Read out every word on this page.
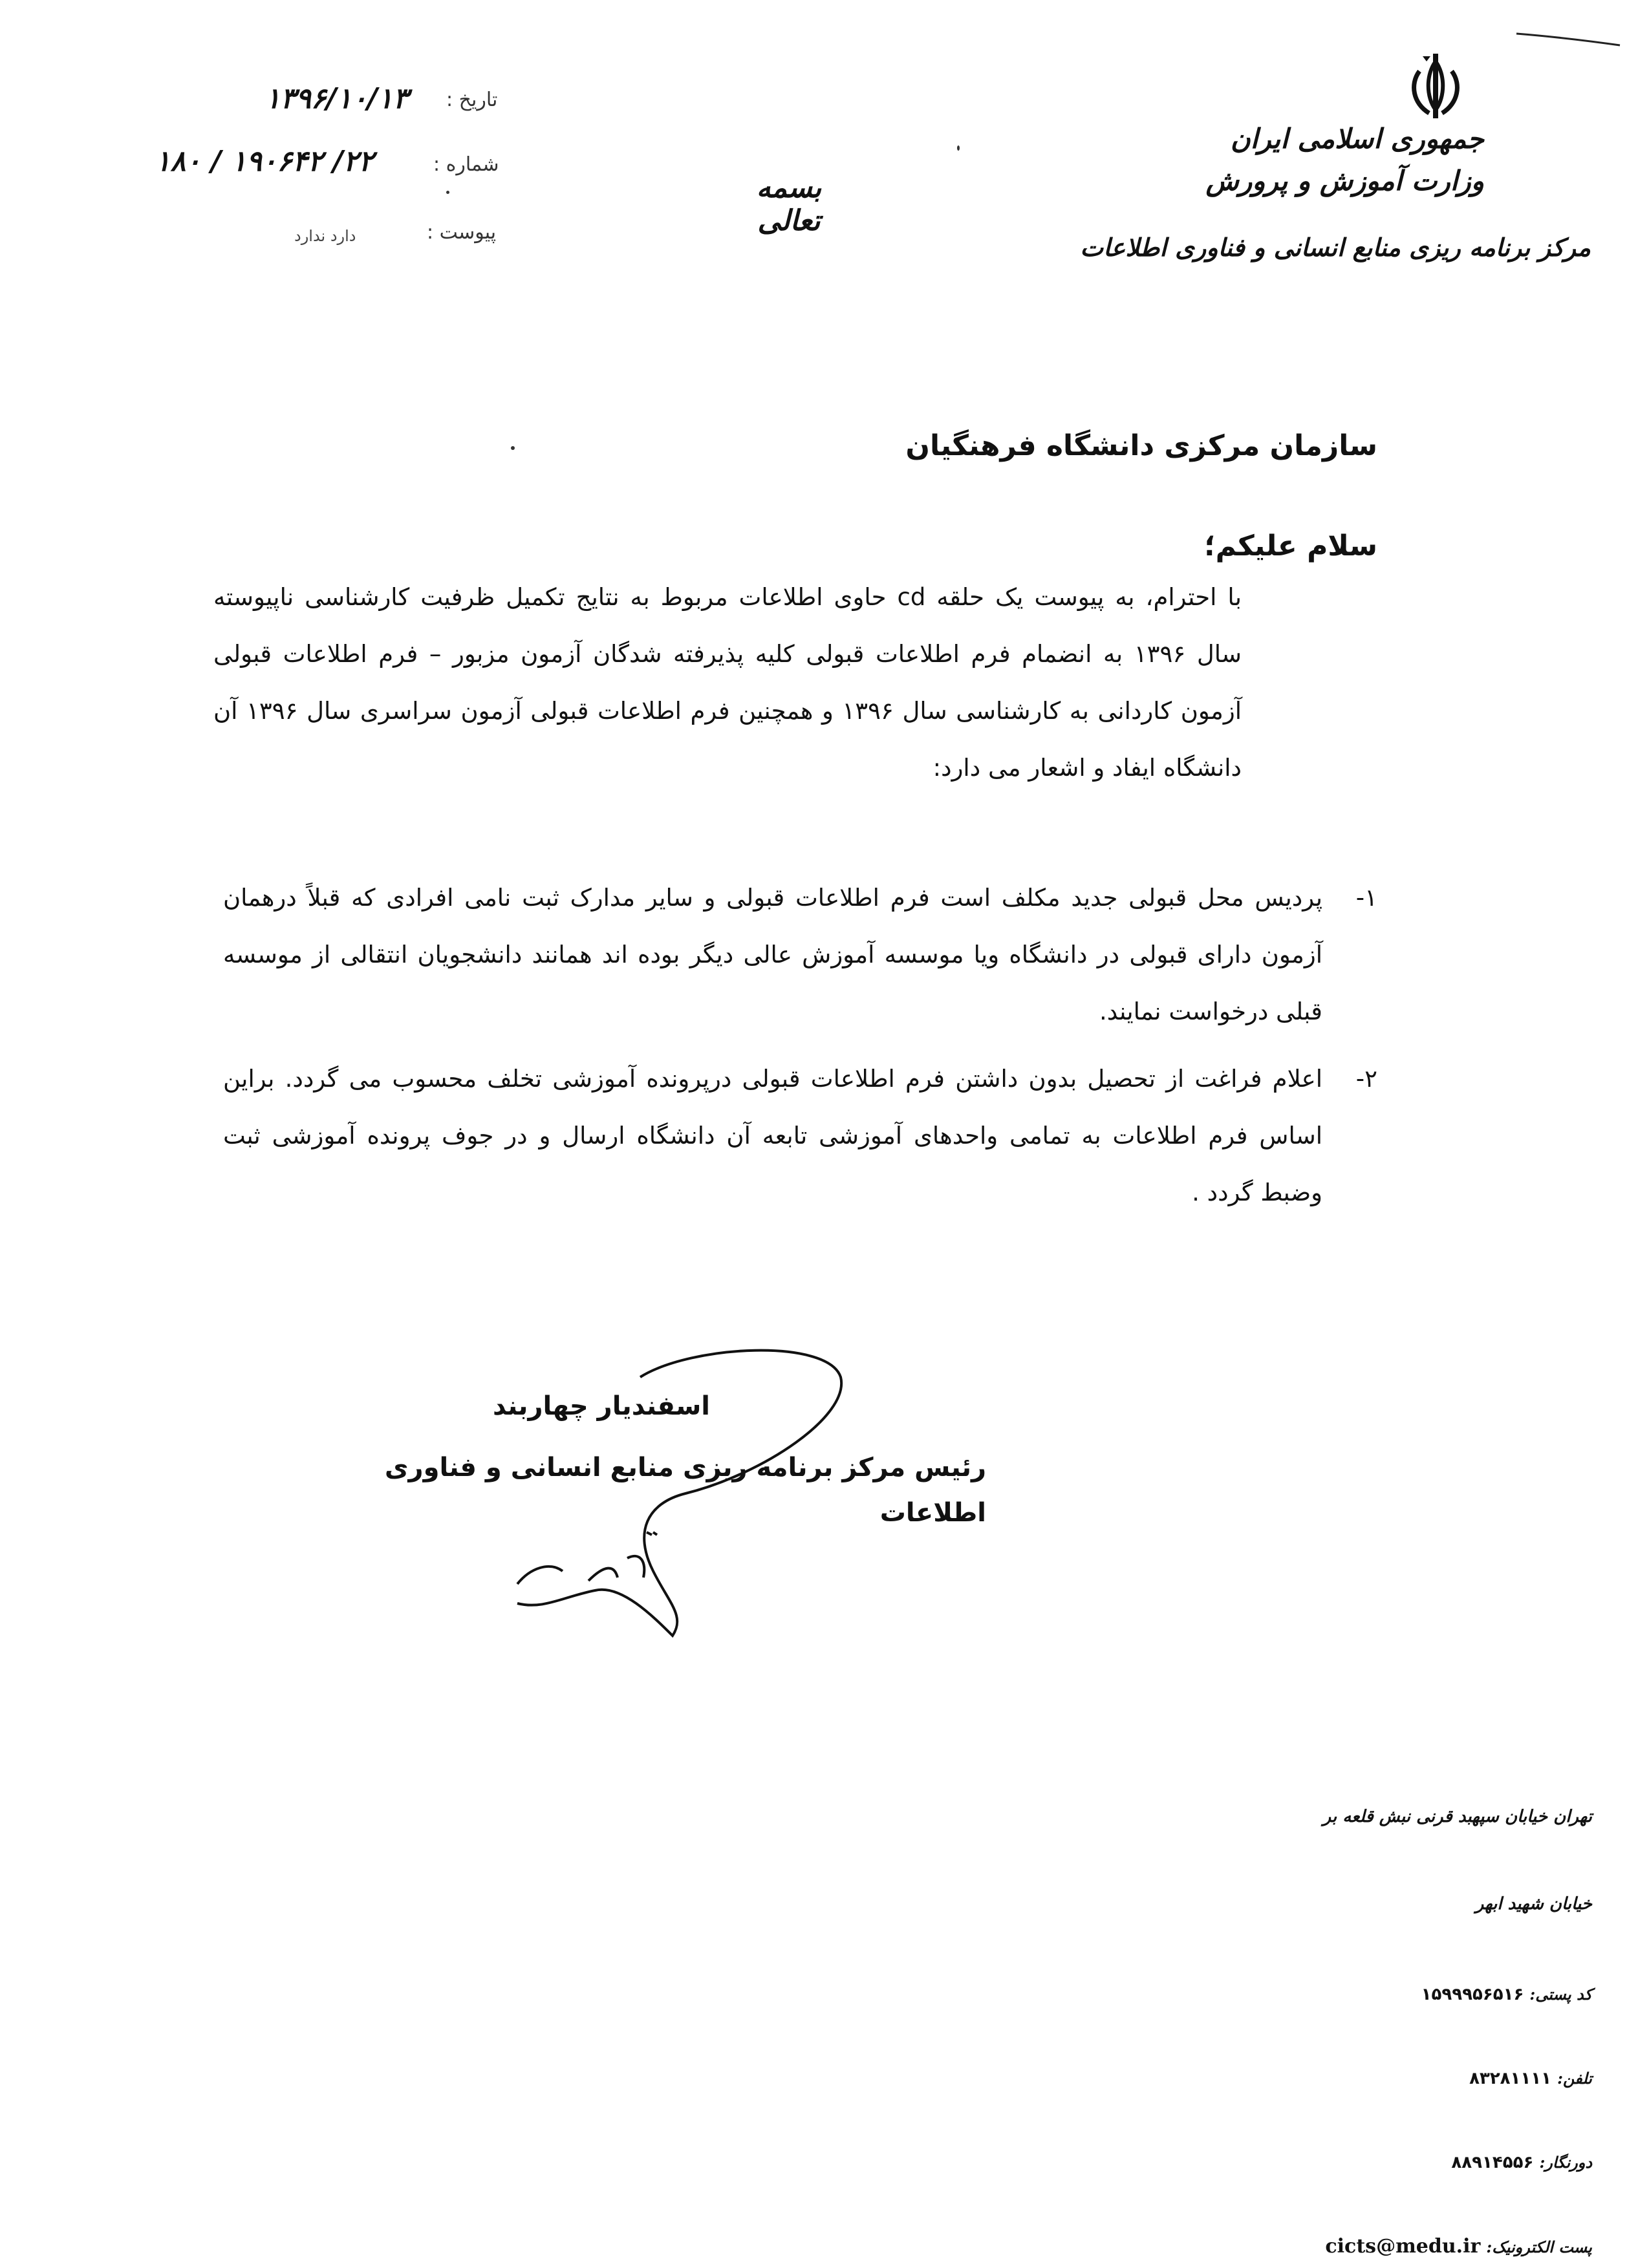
جمهوری اسلامی ایران
وزارت آموزش و پرورش
مرکز برنامه ریزی منابع انسانی و فناوری اطلاعات
بسمه تعالی
تاریخ :
۱۳۹۶/۱۰/۱۳
شماره :
۱۸۰ / ۱۹۰۶۴۲ /۲۲
پیوست :
دارد ندارد
سازمان مرکزی دانشگاه فرهنگیان
سلام علیکم؛
با احترام، به پیوست یک حلقه cd حاوی اطلاعات مربوط به نتایج تکمیل ظرفیت کارشناسی ناپیوسته سال ۱۳۹۶ به انضمام فرم اطلاعات قبولی کلیه پذیرفته شدگان آزمون مزبور – فرم اطلاعات قبولی آزمون کاردانی به کارشناسی سال ۱۳۹۶ و همچنین فرم اطلاعات قبولی آزمون سراسری سال ۱۳۹۶ آن دانشگاه ایفاد و اشعار می دارد:
۱-
پردیس محل قبولی جدید مکلف است فرم اطلاعات قبولی و سایر مدارک ثبت نامی افرادی که قبلاً درهمان آزمون دارای قبولی در دانشگاه ویا موسسه آموزش عالی دیگر بوده اند همانند دانشجویان انتقالی از موسسه قبلی درخواست نمایند.
۲-
اعلام فراغت از تحصیل بدون داشتن فرم اطلاعات قبولی درپرونده آموزشی تخلف محسوب می گردد. براین اساس فرم اطلاعات به تمامی واحدهای آموزشی تابعه آن دانشگاه ارسال و در جوف پرونده آموزشی ثبت وضبط گردد .
اسفندیار چهاربند
رئیس مرکز برنامه ریزی منابع انسانی و فناوری اطلاعات
تهران خیابان سپهبد قرنی نبش قلعه بر
خیابان شهید ابهر
کد پستی: ۱۵۹۹۹۵۶۵۱۶
تلفن: ۸۳۲۸۱۱۱۱
دورنگار: ۸۸۹۱۴۵۵۶
پست الکترونیک: cicts@medu.ir
